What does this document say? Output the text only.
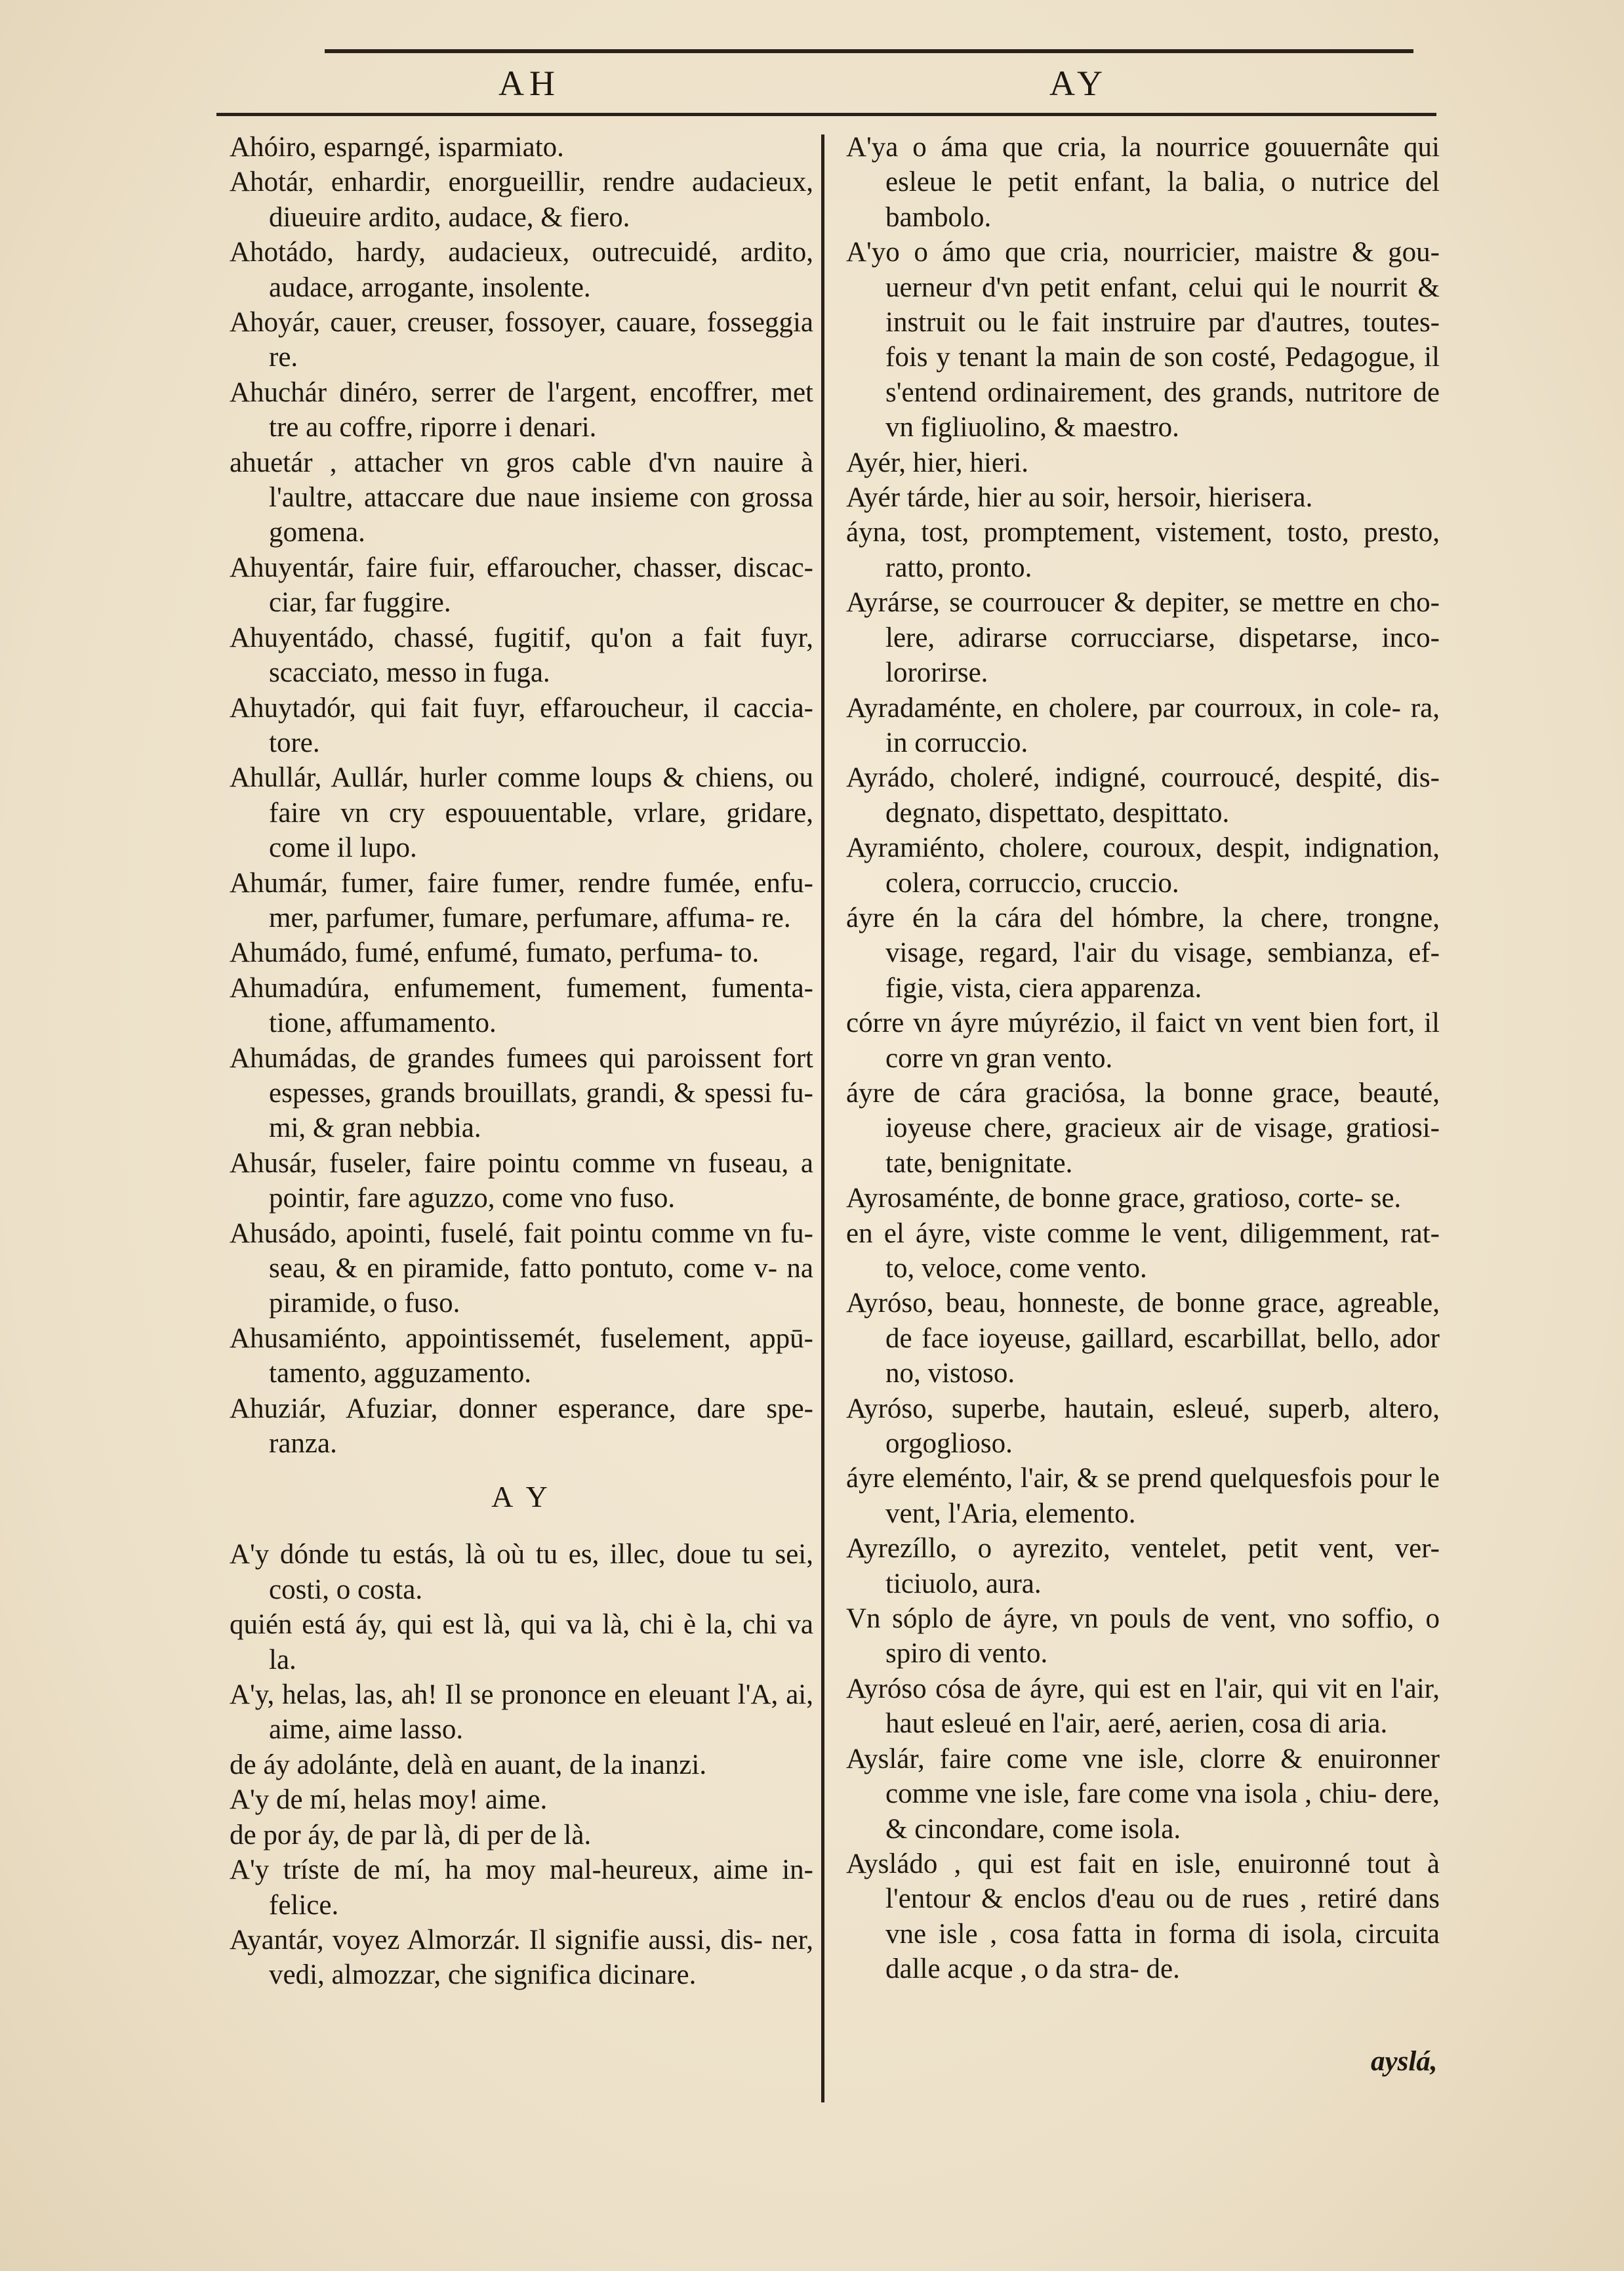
AH	AY
Ahóiro, esparngé, isparmiato.
Ahotár, enhardir, enorgueillir, rendre audacieux, diueuire ardito, audace, & fiero.
Ahotádo, hardy, audacieux, outrecuidé, ardito, audace, arrogante, insolente.
Ahoyár, cauer, creuser, fossoyer, cauare, fosseggia re.
Ahuchár dinéro, serrer de l'argent, encoffrer, met tre au coffre, riporre i denari.
ahuetár , attacher vn gros cable d'vn nauire à l'aultre, attaccare due naue insieme con grossa gomena.
Ahuyentár, faire fuir, effaroucher, chasser, discac- ciar, far fuggire.
Ahuyentádo, chassé, fugitif, qu'on a fait fuyr, scacciato, messo in fuga.
Ahuytadór, qui fait fuyr, effaroucheur, il caccia- tore.
Ahullár, Aullár, hurler comme loups & chiens, ou faire vn cry espouuentable, vrlare, gridare, come il lupo.
Ahumár, fumer, faire fumer, rendre fumée, enfu- mer, parfumer, fumare, perfumare, affuma- re.
Ahumádo, fumé, enfumé, fumato, perfuma- to.
Ahumadúra, enfumement, fumement, fumenta- tione, affumamento.
Ahumádas, de grandes fumees qui paroissent fort espesses, grands brouillats, grandi, & spessi fu- mi, & gran nebbia.
Ahusár, fuseler, faire pointu comme vn fuseau, a pointir, fare aguzzo, come vno fuso.
Ahusádo, apointi, fuselé, fait pointu comme vn fu- seau, & en piramide, fatto pontuto, come v- na piramide, o fuso.
Ahusamiénto, appointissemét, fuselement, appū- tamento, agguzamento.
Ahuziár, Afuziar, donner esperance, dare spe- ranza.
A Y
A'y dónde tu estás, là où tu es, illec, doue tu sei, costi, o costa.
quién está áy, qui est là, qui va là, chi è la, chi va la.
A'y, helas, las, ah! Il se prononce en eleuant l'A, ai, aime, aime lasso.
de áy adolánte, delà en auant, de la inanzi.
A'y de mí, helas moy! aime.
de por áy, de par là, di per de là.
A'y tríste de mí, ha moy mal-heureux, aime in- felice.
Ayantár, voyez Almorzár. Il signifie aussi, dis- ner, vedi, almozzar, che significa dicinare.
A'ya o áma que cria, la nourrice gouuernâte qui esleue le petit enfant, la balia, o nutrice del bambolo.
A'yo o ámo que cria, nourricier, maistre & gou- uerneur d'vn petit enfant, celui qui le nourrit & instruit ou le fait instruire par d'autres, toutes- fois y tenant la main de son costé, Pedagogue, il s'entend ordinairement, des grands, nutritore de vn figliuolino, & maestro.
Ayér, hier, hieri.
Ayér tárde, hier au soir, hersoir, hierisera.
áyna, tost, promptement, vistement, tosto, presto, ratto, pronto.
Ayrárse, se courroucer & depiter, se mettre en cho- lere, adirarse corrucciarse, dispetarse, inco- lororirse.
Ayradaménte, en cholere, par courroux, in cole- ra, in corruccio.
Ayrádo, choleré, indigné, courroucé, despité, dis- degnato, dispettato, despittato.
Ayramiénto, cholere, couroux, despit, indignation, colera, corruccio, cruccio.
áyre én la cára del hómbre, la chere, trongne, visage, regard, l'air du visage, sembianza, ef- figie, vista, ciera apparenza.
córre vn áyre múyrézio, il faict vn vent bien fort, il corre vn gran vento.
áyre de cára graciósa, la bonne grace, beauté, ioyeuse chere, gracieux air de visage, gratiosi- tate, benignitate.
Ayrosaménte, de bonne grace, gratioso, corte- se.
en el áyre, viste comme le vent, diligemment, rat- to, veloce, come vento.
Ayróso, beau, honneste, de bonne grace, agreable, de face ioyeuse, gaillard, escarbillat, bello, ador no, vistoso.
Ayróso, superbe, hautain, esleué, superb, altero, orgoglioso.
áyre eleménto, l'air, & se prend quelquesfois pour le vent, l'Aria, elemento.
Ayrezíllo, o ayrezito, ventelet, petit vent, ver- ticiuolo, aura.
Vn sóplo de áyre, vn pouls de vent, vno soffio, o spiro di vento.
Ayróso cósa de áyre, qui est en l'air, qui vit en l'air, haut esleué en l'air, aeré, aerien, cosa di aria.
Ayslár, faire come vne isle, clorre & enuironner comme vne isle, fare come vna isola , chiu- dere, & cincondare, come isola.
Aysládo , qui est fait en isle, enuironné tout à l'entour & enclos d'eau ou de rues , retiré dans vne isle , cosa fatta in forma di isola, circuita dalle acque , o da stra- de.
ayslá,
